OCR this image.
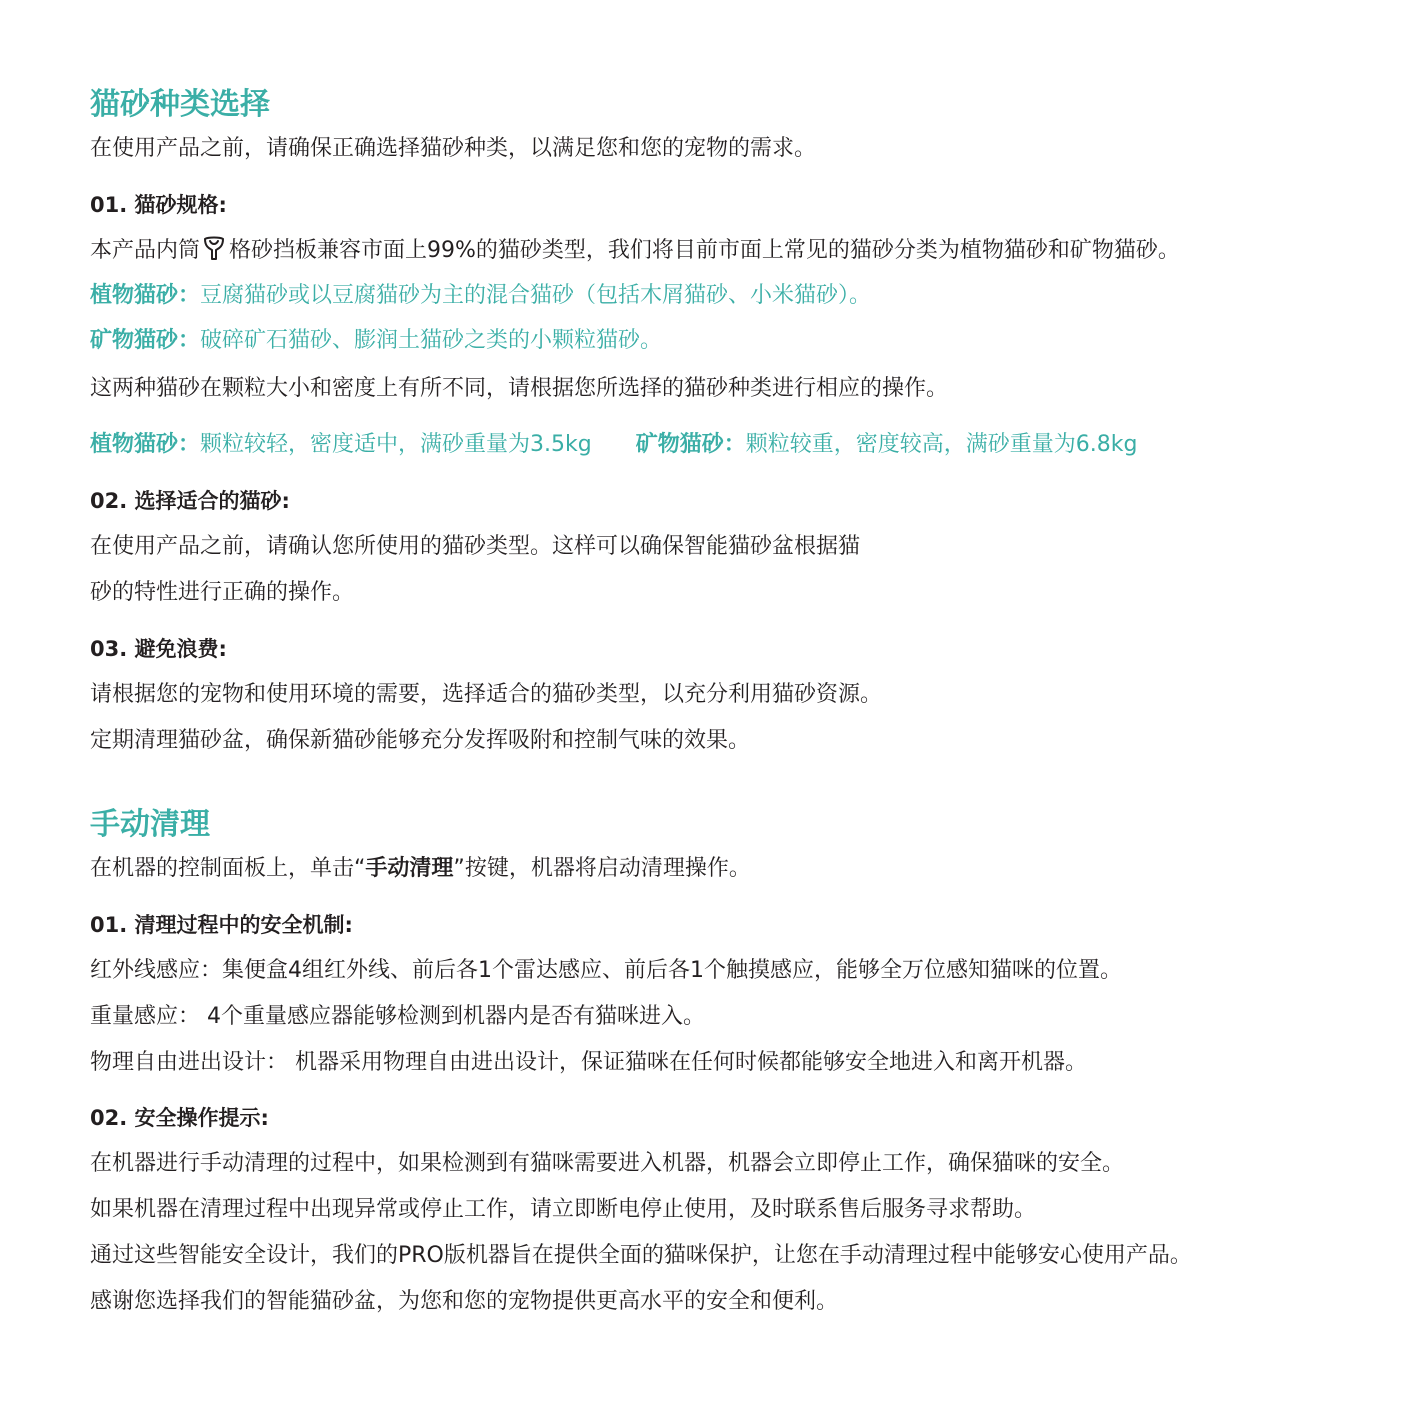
猫砂种类选择
在使用产品之前，请确保正确选择猫砂种类，以满足您和您的宠物的需求。
01. 猫砂规格:
本产品内筒 格砂挡板兼容市面上99%的猫砂类型，我们将目前市面上常见的猫砂分类为植物猫砂和矿物猫砂。
植物猫砂：豆腐猫砂或以豆腐猫砂为主的混合猫砂（包括木屑猫砂、小米猫砂）。
矿物猫砂：破碎矿石猫砂、膨润土猫砂之类的小颗粒猫砂。
这两种猫砂在颗粒大小和密度上有所不同，请根据您所选择的猫砂种类进行相应的操作。
植物猫砂：颗粒较轻，密度适中，满砂重量为3.5kg 矿物猫砂：颗粒较重，密度较高，满砂重量为6.8kg
02. 选择适合的猫砂:
在使用产品之前，请确认您所使用的猫砂类型。这样可以确保智能猫砂盆根据猫
砂的特性进行正确的操作。
03. 避免浪费:
请根据您的宠物和使用环境的需要，选择适合的猫砂类型，以充分利用猫砂资源。
定期清理猫砂盆，确保新猫砂能够充分发挥吸附和控制气味的效果。
手动清理
在机器的控制面板上，单击“手动清理”按键，机器将启动清理操作。
01. 清理过程中的安全机制:
红外线感应：集便盒4组红外线、前后各1个雷达感应、前后各1个触摸感应，能够全万位感知猫咪的位置。
重量感应： 4个重量感应器能够检测到机器内是否有猫咪进入。
物理自由进出设计： 机器采用物理自由进出设计，保证猫咪在任何时候都能够安全地进入和离开机器。
02. 安全操作提示:
在机器进行手动清理的过程中，如果检测到有猫咪需要进入机器，机器会立即停止工作，确保猫咪的安全。
如果机器在清理过程中出现异常或停止工作，请立即断电停止使用，及时联系售后服务寻求帮助。
通过这些智能安全设计，我们的PRO版机器旨在提供全面的猫咪保护，让您在手动清理过程中能够安心使用产品。
感谢您选择我们的智能猫砂盆，为您和您的宠物提供更高水平的安全和便利。
